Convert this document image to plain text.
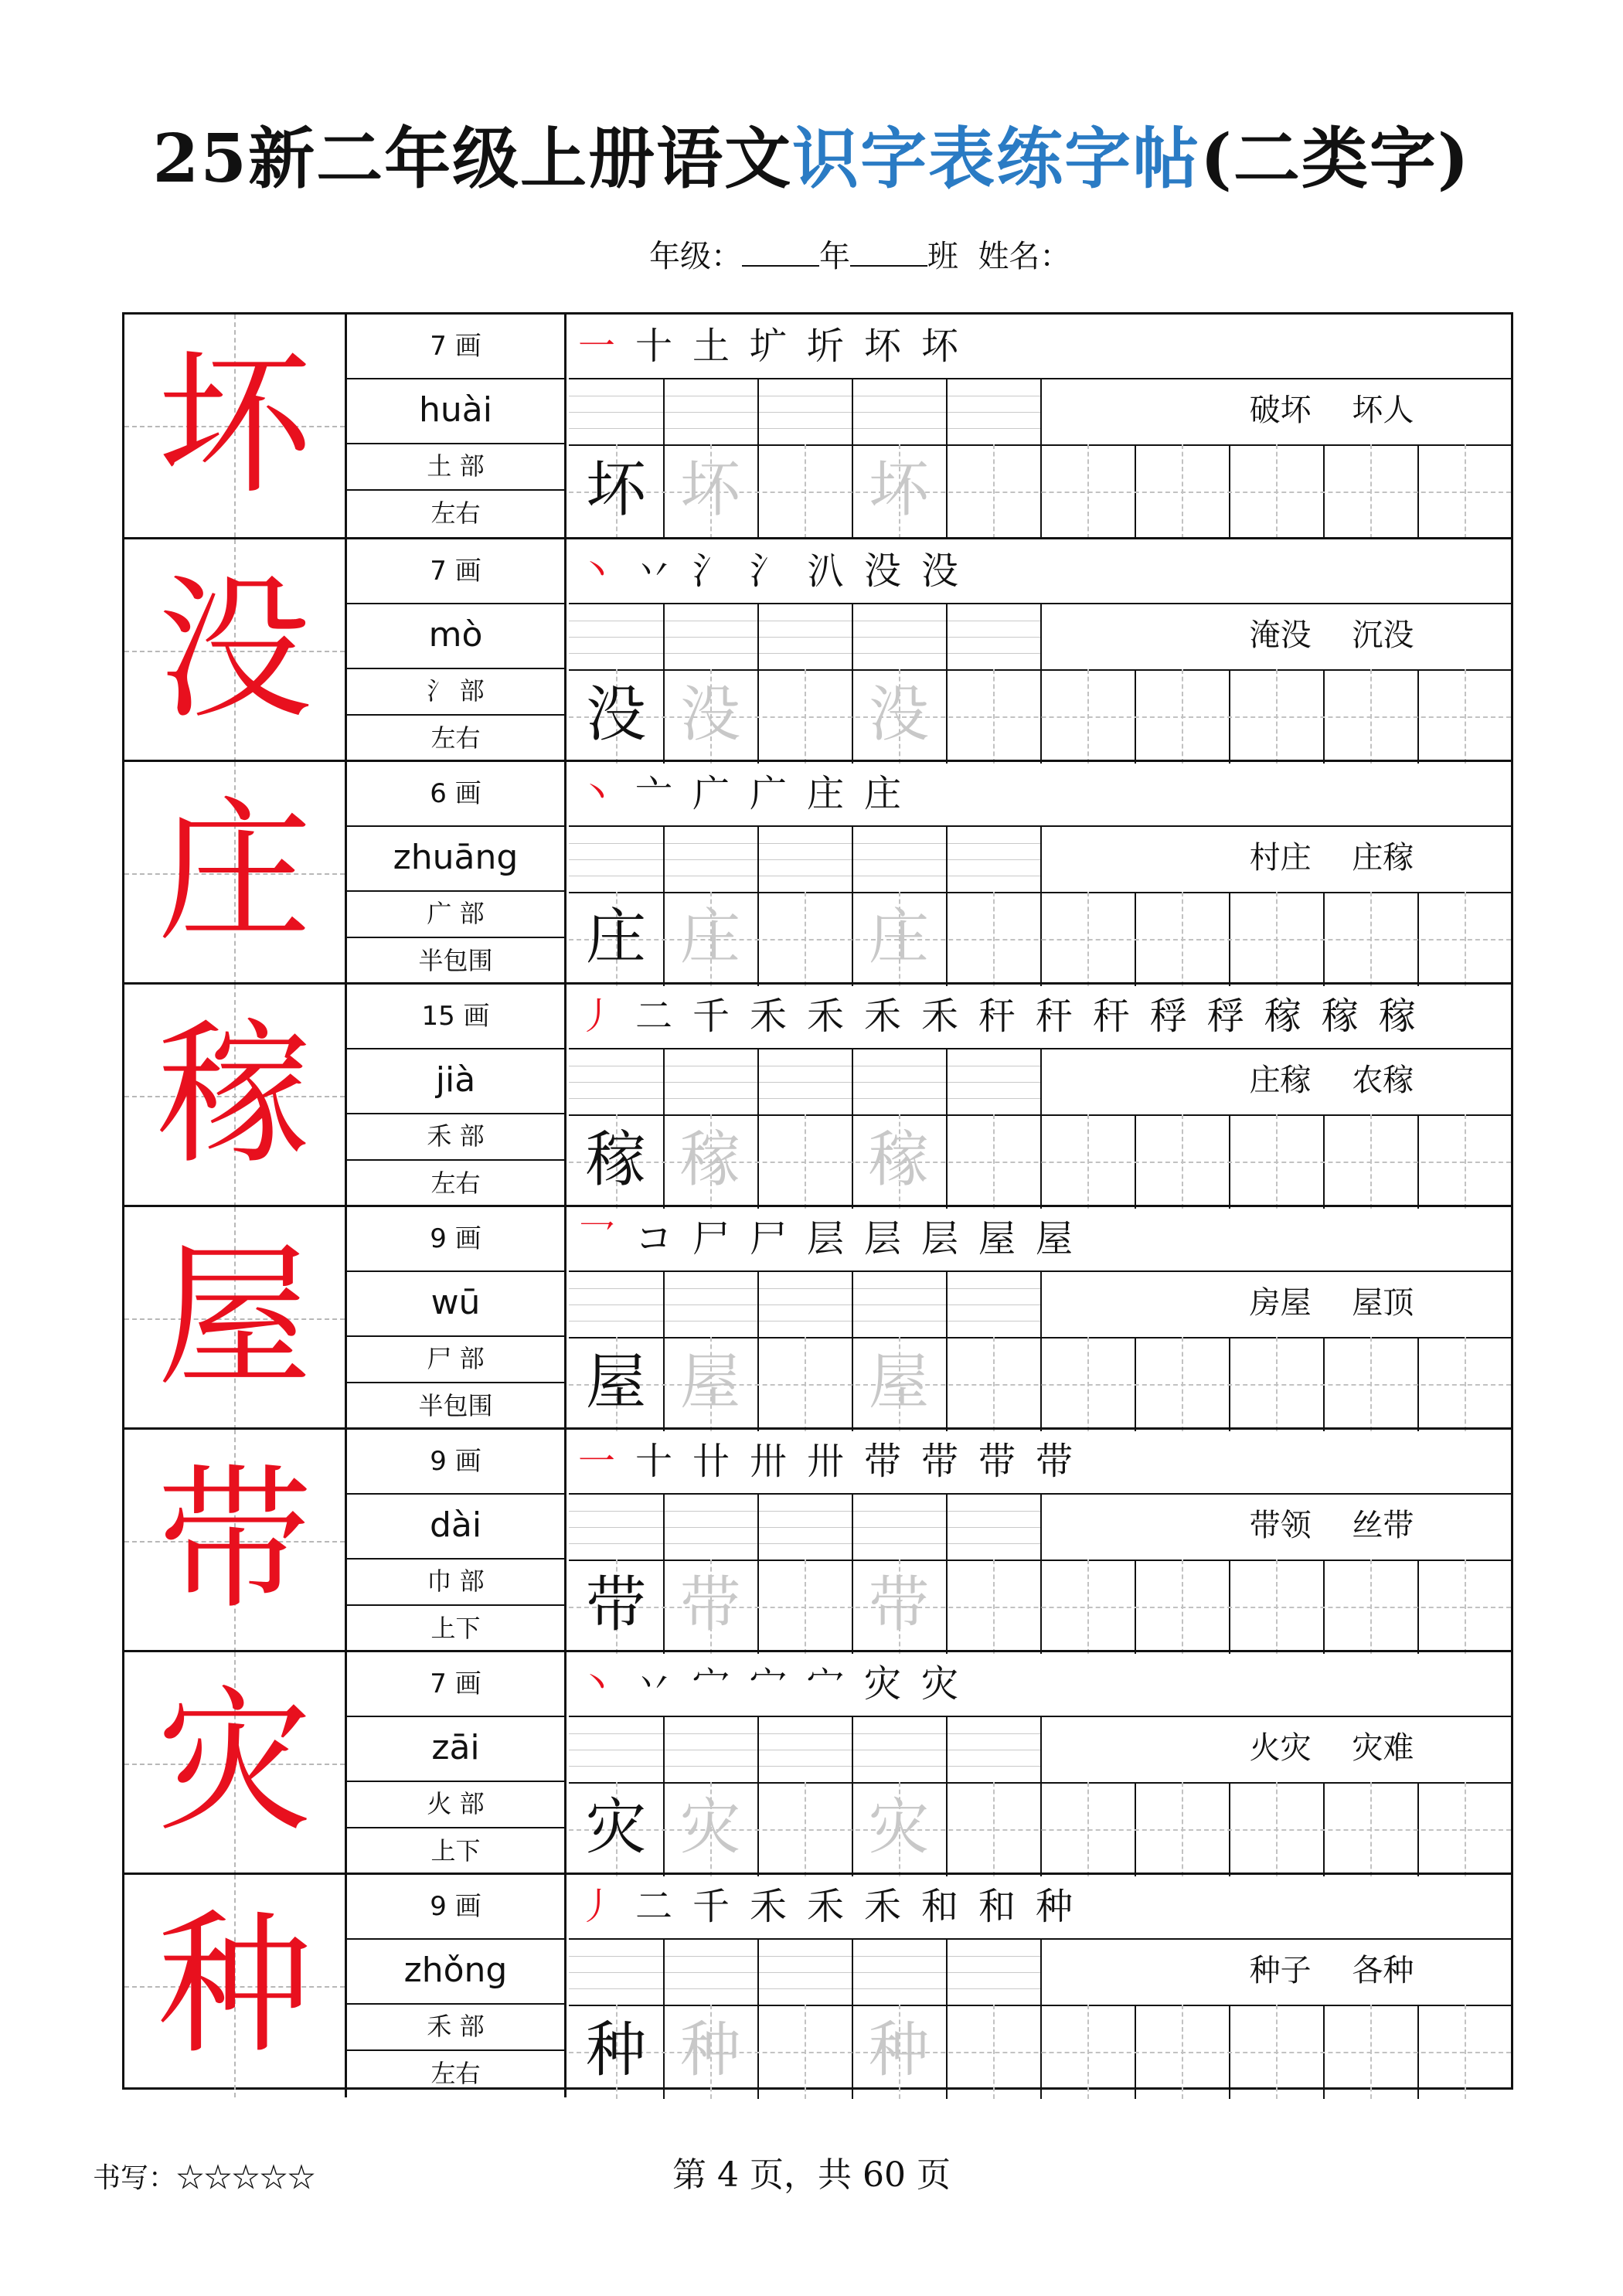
25新二年级上册语文识字表练字帖(二类字)
年级：	年	班 姓名：
坏	7 画
huài
土 部
左右
一 十 土 圹 圻 坏 坏
破坏 坏人
坏 坏 坏
没	7 画
mò
氵 部
左右
丶 丷 氵 氵 汃 没 没
淹没 沉没
没 没 没
庄	6 画
zhuāng
广 部
半包围
丶 亠 广 广 庄 庄
村庄 庄稼
庄 庄 庄
稼	15 画
jià
禾 部
左右
丿 二 千 禾 禾 禾 禾 秆 秆 秆 稃 稃 稼 稼 稼
庄稼 农稼
稼 稼 稼
屋	9 画
wū
尸 部
半包围
乛 コ 尸 尸 层 层 层 屋 屋
房屋 屋顶
屋 屋 屋
带	9 画
dài
巾 部
上下
一 十 卄 卅 卅 带 带 带 带
带领 丝带
带 带 带
灾	7 画
zāi
火 部
上下
丶 丷 宀 宀 宀 灾 灾
火灾 灾难
灾 灾 灾
种	9 画
zhǒng
禾 部
左右
丿 二 千 禾 禾 禾 和 和 种
种子 各种
种 种 种
书写：☆☆☆☆☆	第 4 页，共 60 页
